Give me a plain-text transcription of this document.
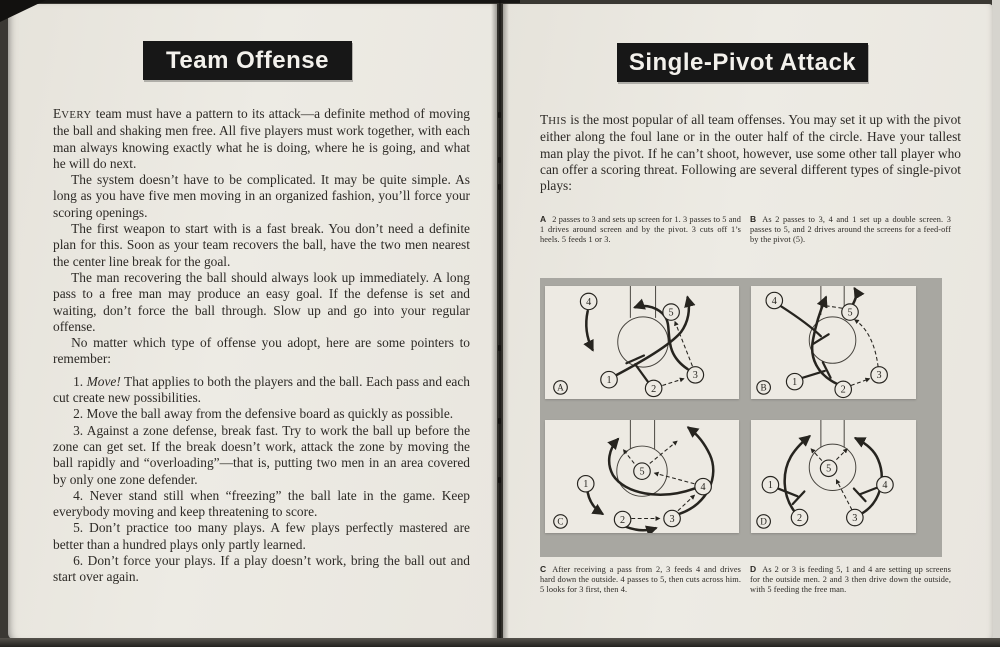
Team Offense

EVERY team must have a pattern to its attack—a definite method of moving the ball and shaking men free. All five players must work together, with each man always knowing exactly what he is doing, where he is going, and what he will do next.

The system doesn’t have to be complicated. It may be quite simple. As long as you have five men moving in an organized fashion, you’ll force your scoring openings.

The first weapon to start with is a fast break. You don’t need a definite plan for this. Soon as your team recovers the ball, have the two men nearest the center line break for the goal.

The man recovering the ball should always look up immediately. A long pass to a free man may produce an easy goal. If the defense is set and waiting, don’t force the ball through. Slow up and go into your regular offense.

No matter which type of offense you adopt, here are some pointers to remember:

1. Move! That applies to both the players and the ball. Each pass and each cut create new possibilities.

2. Move the ball away from the defensive board as quickly as possible.

3. Against a zone defense, break fast. Try to work the ball up before the zone can get set. If the break doesn’t work, attack the zone by moving the ball rapidly and “overloading”—that is, putting two men in an area covered by only one zone defender.

4. Never stand still when “freezing” the ball late in the game. Keep everybody moving and keep threatening to score.

5. Don’t practice too many plays. A few plays perfectly mastered are better than a hundred plays only partly learned.

6. Don’t force your plays. If a play doesn’t work, bring the ball out and start over again.

Single-Pivot Attack

THIS is the most popular of all team offenses. You may set it up with the pivot either along the foul lane or in the outer half of the circle. Have your tallest man play the pivot. If he can’t shoot, however, use some other tall player who can offer a scoring threat. Following are several different types of single-pivot plays:

A 2 passes to 3 and sets up screen for 1. 3 passes to 5 and 1 drives around screen and by the pivot. 3 cuts off 1’s heels. 5 feeds 1 or 3.
B As 2 passes to 3, 4 and 1 set up a double screen. 3 passes to 5, and 2 drives around the screens for a feed-off by the pivot (5).
1
2
3
4
5
A	1
2
3
4
5
B
1
2	3
4
5
C
1
2	3
4
5
D
C After receiving a pass from 2, 3 feeds 4 and drives hard down the outside. 4 passes to 5, then cuts across him. 5 looks for 3 first, then 4.
D As 2 or 3 is feeding 5, 1 and 4 are setting up screens for the outside men. 2 and 3 then drive down the outside, with 5 feeding the free man.
